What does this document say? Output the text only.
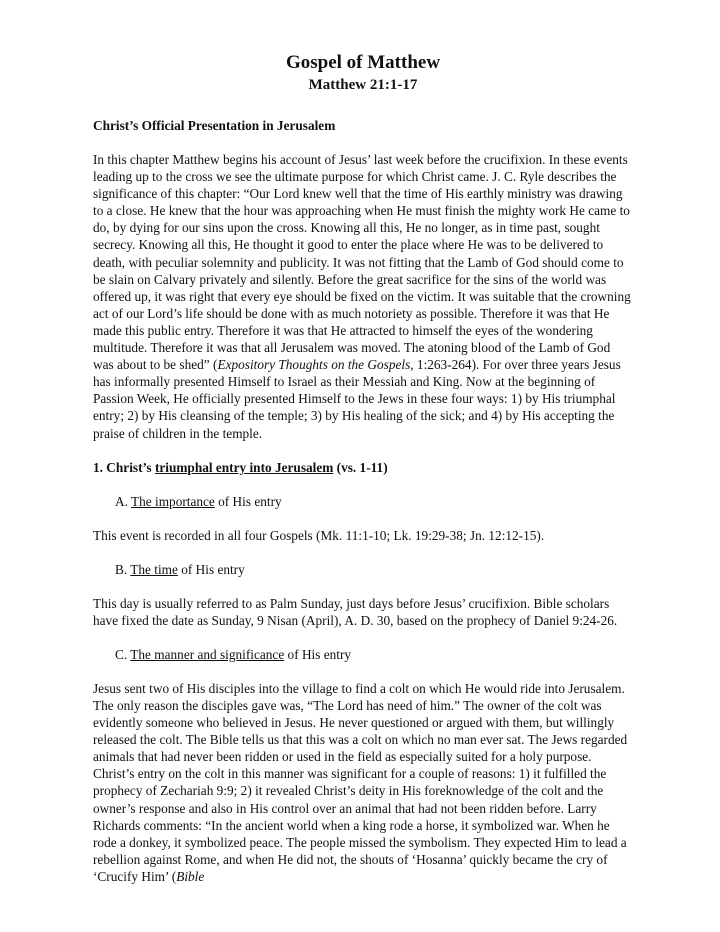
Gospel of Matthew
Matthew 21:1-17
Christ’s Official Presentation in Jerusalem

In this chapter Matthew begins his account of Jesus’ last week before the crucifixion. In these events leading up to the cross we see the ultimate purpose for which Christ came. J. C. Ryle describes the significance of this chapter: “Our Lord knew well that the time of His earthly ministry was drawing to a close. He knew that the hour was approaching when He must finish the mighty work He came to do, by dying for our sins upon the cross. Knowing all this, He no longer, as in time past, sought secrecy. Knowing all this, He thought it good to enter the place where He was to be delivered to death, with peculiar solemnity and publicity. It was not fitting that the Lamb of God should come to be slain on Calvary privately and silently. Before the great sacrifice for the sins of the world was offered up, it was right that every eye should be fixed on the victim. It was suitable that the crowning act of our Lord’s life should be done with as much notoriety as possible. Therefore it was that He made this public entry. Therefore it was that He attracted to himself the eyes of the wondering multitude. Therefore it was that all Jerusalem was moved. The atoning blood of the Lamb of God was about to be shed” (Expository Thoughts on the Gospels, 1:263-264). For over three years Jesus has informally presented Himself to Israel as their Messiah and King. Now at the beginning of Passion Week, He officially presented Himself to the Jews in these four ways: 1) by His triumphal entry; 2) by His cleansing of the temple; 3) by His healing of the sick; and 4) by His accepting the praise of children in the temple.

1. Christ’s triumphal entry into Jerusalem (vs. 1-11)
A. The importance of His entry

This event is recorded in all four Gospels (Mk. 11:1-10; Lk. 19:29-38; Jn. 12:12-15).

B. The time of His entry

This day is usually referred to as Palm Sunday, just days before Jesus’ crucifixion. Bible scholars have fixed the date as Sunday, 9 Nisan (April), A. D. 30, based on the prophecy of Daniel 9:24-26.

C. The manner and significance of His entry

Jesus sent two of His disciples into the village to find a colt on which He would ride into Jerusalem. The only reason the disciples gave was, “The Lord has need of him.” The owner of the colt was evidently someone who believed in Jesus. He never questioned or argued with them, but willingly released the colt. The Bible tells us that this was a colt on which no man ever sat. The Jews regarded animals that had never been ridden or used in the field as especially suited for a holy purpose. Christ’s entry on the colt in this manner was significant for a couple of reasons: 1) it fulfilled the prophecy of Zechariah 9:9; 2) it revealed Christ’s deity in His foreknowledge of the colt and the owner’s response and also in His control over an animal that had not been ridden before. Larry Richards comments: “In the ancient world when a king rode a horse, it symbolized war. When he rode a donkey, it symbolized peace. The people missed the symbolism. They expected Him to lead a rebellion against Rome, and when He did not, the shouts of ‘Hosanna’ quickly became the cry of ‘Crucify Him’ (Bible
